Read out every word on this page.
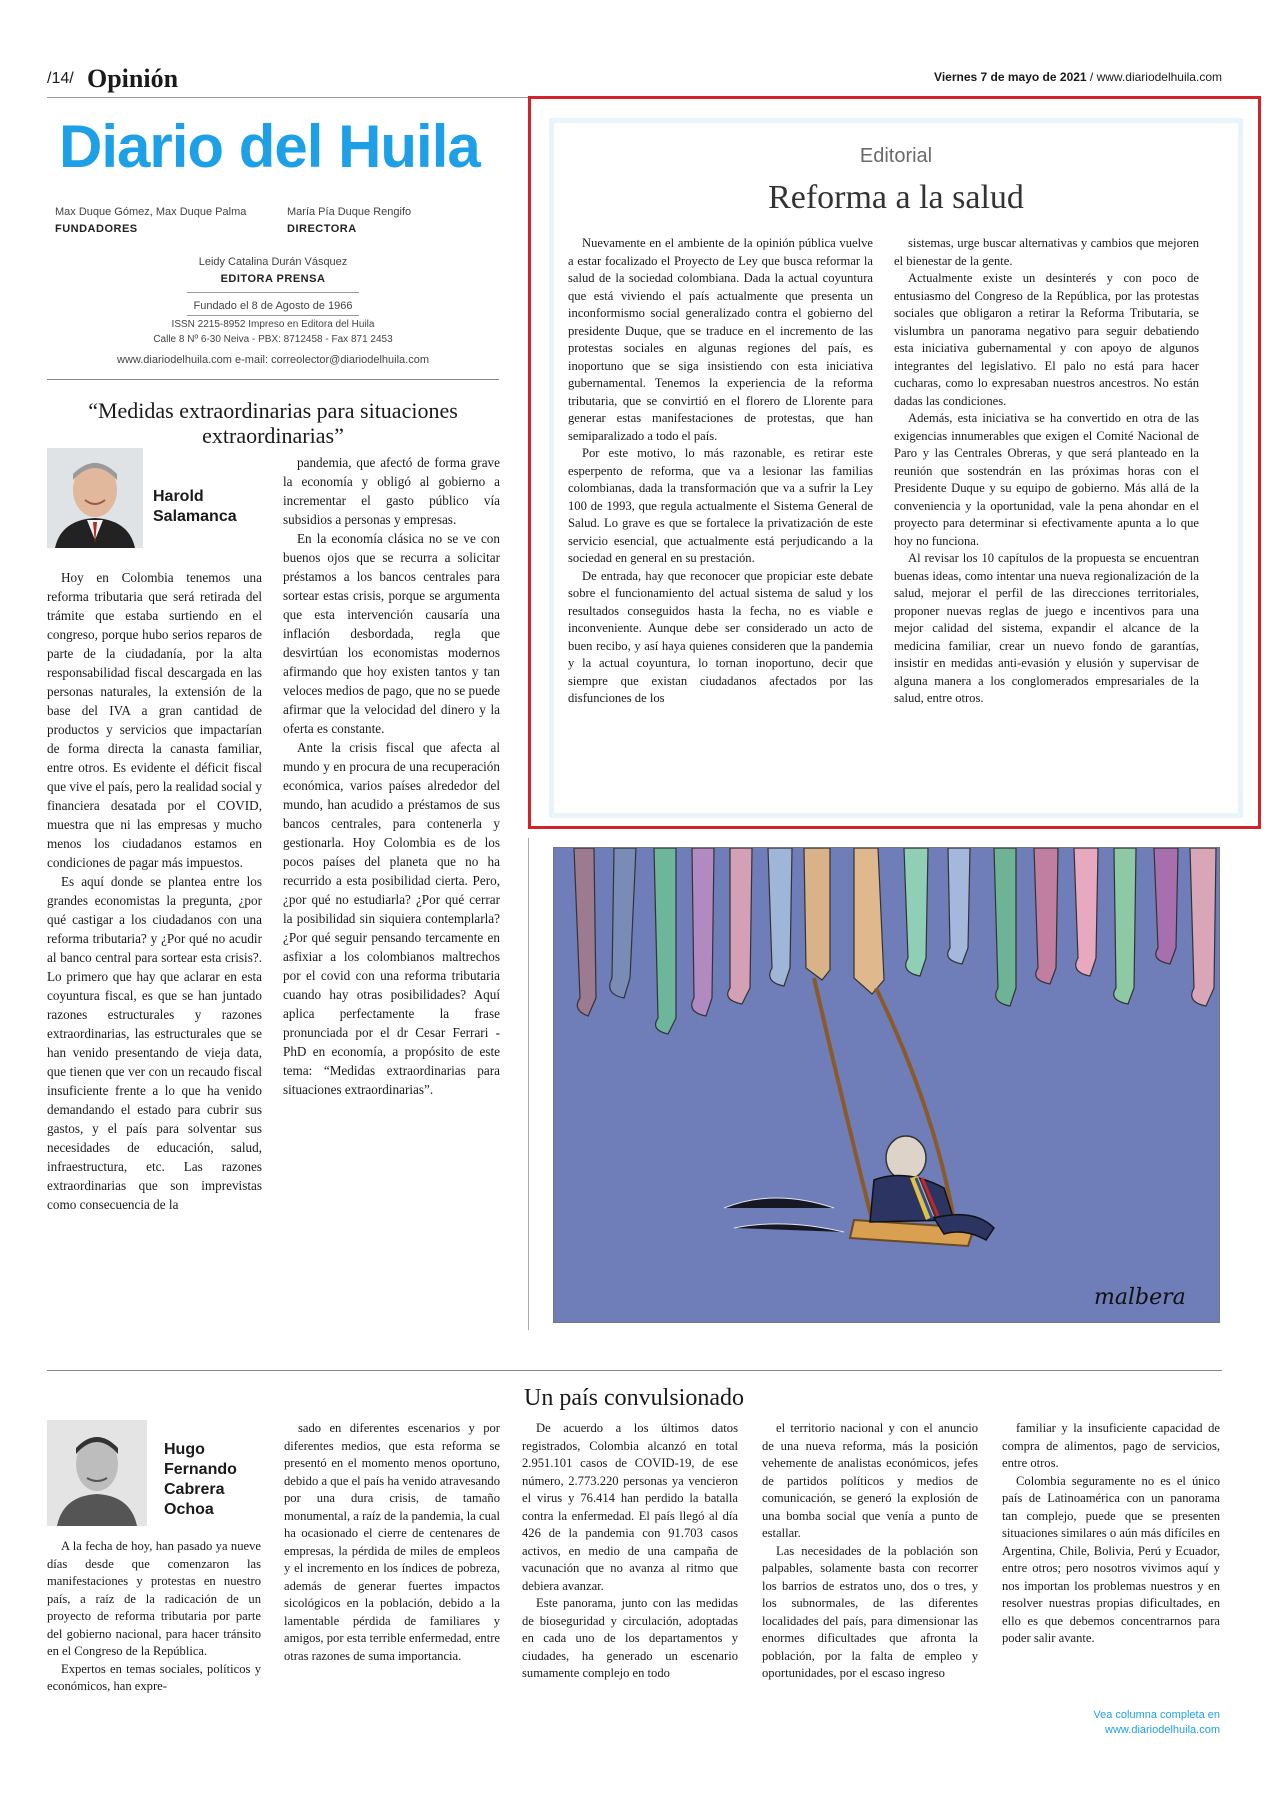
/14/ Opinión	Viernes 7 de mayo de 2021 / www.diariodelhuila.com
Diario del Huila
Max Duque Gómez, Max Duque Palma
FUNDADORES
María Pía Duque Rengifo
DIRECTORA
Leidy Catalina Durán Vásquez
EDITORA PRENSA
Fundado el 8 de Agosto de 1966
ISSN 2215-8952 Impreso en Editora del Huila
Calle 8 Nº 6-30 Neiva - PBX: 8712458 - Fax 871 2453
www.diariodelhuila.com e-mail: correolector@diariodelhuila.com
“Medidas extraordinarias para situaciones extraordinarias”
Harold
Salamanca

Hoy en Colombia tenemos una reforma tributaria que será retirada del trámite que estaba surtiendo en el congreso, porque hubo serios reparos de parte de la ciudadanía, por la alta responsabilidad fiscal descargada en las personas naturales, la extensión de la base del IVA a gran cantidad de productos y servicios que impactarían de forma directa la canasta familiar, entre otros. Es evidente el déficit fiscal que vive el país, pero la realidad social y financiera desatada por el COVID, muestra que ni las empresas y mucho menos los ciudadanos estamos en condiciones de pagar más impuestos.

Es aquí donde se plantea entre los grandes economistas la pregunta, ¿por qué castigar a los ciudadanos con una reforma tributaria? y ¿Por qué no acudir al banco central para sortear esta crisis?. Lo primero que hay que aclarar en esta coyuntura fiscal, es que se han juntado razones estructurales y razones extraordinarias, las estructurales que se han venido presentando de vieja data, que tienen que ver con un recaudo fiscal insuficiente frente a lo que ha venido demandando el estado para cubrir sus gastos, y el país para solventar sus necesidades de educación, salud, infraestructura, etc. Las razones extraordinarias que son imprevistas como consecuencia de la

pandemia, que afectó de forma grave la economía y obligó al gobierno a incrementar el gasto público vía subsidios a personas y empresas.

En la economía clásica no se ve con buenos ojos que se recurra a solicitar préstamos a los bancos centrales para sortear estas crisis, porque se argumenta que esta intervención causaría una inflación desbordada, regla que desvirtúan los economistas modernos afirmando que hoy existen tantos y tan veloces medios de pago, que no se puede afirmar que la velocidad del dinero y la oferta es constante.

Ante la crisis fiscal que afecta al mundo y en procura de una recuperación económica, varios países alrededor del mundo, han acudido a préstamos de sus bancos centrales, para contenerla y gestionarla. Hoy Colombia es de los pocos países del planeta que no ha recurrido a esta posibilidad cierta. Pero, ¿por qué no estudiarla? ¿Por qué cerrar la posibilidad sin siquiera contemplarla? ¿Por qué seguir pensando tercamente en asfixiar a los colombianos maltrechos por el covid con una reforma tributaria cuando hay otras posibilidades? Aquí aplica perfectamente la frase pronunciada por el dr Cesar Ferrari - PhD en economía, a propósito de este tema: “Medidas extraordinarias para situaciones extraordinarias”.

Editorial
Reforma a la salud

Nuevamente en el ambiente de la opinión pública vuelve a estar focalizado el Proyecto de Ley que busca reformar la salud de la sociedad colombiana. Dada la actual coyuntura que está viviendo el país actualmente que presenta un inconformismo social generalizado contra el gobierno del presidente Duque, que se traduce en el incremento de las protestas sociales en algunas regiones del país, es inoportuno que se siga insistiendo con esta iniciativa gubernamental. Tenemos la experiencia de la reforma tributaria, que se convirtió en el florero de Llorente para generar estas manifestaciones de protestas, que han semiparalizado a todo el país.

Por este motivo, lo más razonable, es retirar este esperpento de reforma, que va a lesionar las familias colombianas, dada la transformación que va a sufrir la Ley 100 de 1993, que regula actualmente el Sistema General de Salud. Lo grave es que se fortalece la privatización de este servicio esencial, que actualmente está perjudicando a la sociedad en general en su prestación.

De entrada, hay que reconocer que propiciar este debate sobre el funcionamiento del actual sistema de salud y los resultados conseguidos hasta la fecha, no es viable e inconveniente. Aunque debe ser considerado un acto de buen recibo, y así haya quienes consideren que la pandemia y la actual coyuntura, lo tornan inoportuno, decir que siempre que existan ciudadanos afectados por las disfunciones de los

sistemas, urge buscar alternativas y cambios que mejoren el bienestar de la gente.

Actualmente existe un desinterés y con poco de entusiasmo del Congreso de la República, por las protestas sociales que obligaron a retirar la Reforma Tributaria, se vislumbra un panorama negativo para seguir debatiendo esta iniciativa gubernamental y con apoyo de algunos integrantes del legislativo. El palo no está para hacer cucharas, como lo expresaban nuestros ancestros. No están dadas las condiciones.

Además, esta iniciativa se ha convertido en otra de las exigencias innumerables que exigen el Comité Nacional de Paro y las Centrales Obreras, y que será planteado en la reunión que sostendrán en las próximas horas con el Presidente Duque y su equipo de gobierno. Más allá de la conveniencia y la oportunidad, vale la pena ahondar en el proyecto para determinar si efectivamente apunta a lo que hoy no funciona.

Al revisar los 10 capítulos de la propuesta se encuentran buenas ideas, como intentar una nueva regionalización de la salud, mejorar el perfil de las direcciones territoriales, proponer nuevas reglas de juego e incentivos para una mejor calidad del sistema, expandir el alcance de la medicina familiar, crear un nuevo fondo de garantías, insistir en medidas anti-evasión y elusión y supervisar de alguna manera a los conglomerados empresariales de la salud, entre otros.

malbera
Un país convulsionado
Hugo
Fernando
Cabrera
Ochoa

A la fecha de hoy, han pasado ya nueve días desde que comenzaron las manifestaciones y protestas en nuestro país, a raíz de la radicación de un proyecto de reforma tributaria por parte del gobierno nacional, para hacer tránsito en el Congreso de la República.

Expertos en temas sociales, políticos y económicos, han expre-

sado en diferentes escenarios y por diferentes medios, que esta reforma se presentó en el momento menos oportuno, debido a que el país ha venido atravesando por una dura crisis, de tamaño monumental, a raíz de la pandemia, la cual ha ocasionado el cierre de centenares de empresas, la pérdida de miles de empleos y el incremento en los índices de pobreza, además de generar fuertes impactos sicológicos en la población, debido a la lamentable pérdida de familiares y amigos, por esta terrible enfermedad, entre otras razones de suma importancia.

De acuerdo a los últimos datos registrados, Colombia alcanzó en total 2.951.101 casos de COVID-19, de ese número, 2.773.220 personas ya vencieron el virus y 76.414 han perdido la batalla contra la enfermedad. El país llegó al día 426 de la pandemia con 91.703 casos activos, en medio de una campaña de vacunación que no avanza al ritmo que debiera avanzar.

Este panorama, junto con las medidas de bioseguridad y circulación, adoptadas en cada uno de los departamentos y ciudades, ha generado un escenario sumamente complejo en todo

el territorio nacional y con el anuncio de una nueva reforma, más la posición vehemente de analistas económicos, jefes de partidos políticos y medios de comunicación, se generó la explosión de una bomba social que venía a punto de estallar.

Las necesidades de la población son palpables, solamente basta con recorrer los barrios de estratos uno, dos o tres, y los subnormales, de las diferentes localidades del país, para dimensionar las enormes dificultades que afronta la población, por la falta de empleo y oportunidades, por el escaso ingreso

familiar y la insuficiente capacidad de compra de alimentos, pago de servicios, entre otros.

Colombia seguramente no es el único país de Latinoamérica con un panorama tan complejo, puede que se presenten situaciones similares o aún más difíciles en Argentina, Chile, Bolivia, Perú y Ecuador, entre otros; pero nosotros vivimos aquí y nos importan los problemas nuestros y en resolver nuestras propias dificultades, en ello es que debemos concentrarnos para poder salir avante.

Vea columna completa en
www.diariodelhuila.com
